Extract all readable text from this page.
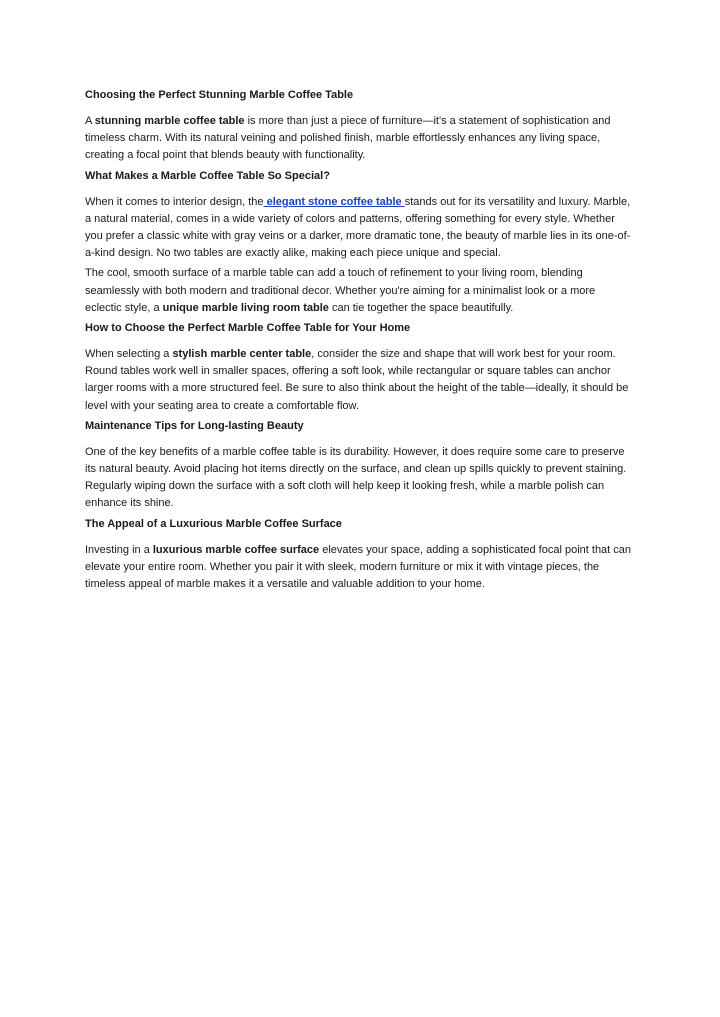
Choosing the Perfect Stunning Marble Coffee Table

A stunning marble coffee table is more than just a piece of furniture—it's a statement of sophistication and timeless charm. With its natural veining and polished finish, marble effortlessly enhances any living space, creating a focal point that blends beauty with functionality.

What Makes a Marble Coffee Table So Special?

When it comes to interior design, the elegant stone coffee table stands out for its versatility and luxury. Marble, a natural material, comes in a wide variety of colors and patterns, offering something for every style. Whether you prefer a classic white with gray veins or a darker, more dramatic tone, the beauty of marble lies in its one-of-a-kind design. No two tables are exactly alike, making each piece unique and special.

The cool, smooth surface of a marble table can add a touch of refinement to your living room, blending seamlessly with both modern and traditional decor. Whether you're aiming for a minimalist look or a more eclectic style, a unique marble living room table can tie together the space beautifully.

How to Choose the Perfect Marble Coffee Table for Your Home

When selecting a stylish marble center table, consider the size and shape that will work best for your room. Round tables work well in smaller spaces, offering a soft look, while rectangular or square tables can anchor larger rooms with a more structured feel. Be sure to also think about the height of the table—ideally, it should be level with your seating area to create a comfortable flow.

Maintenance Tips for Long-lasting Beauty

One of the key benefits of a marble coffee table is its durability. However, it does require some care to preserve its natural beauty. Avoid placing hot items directly on the surface, and clean up spills quickly to prevent staining. Regularly wiping down the surface with a soft cloth will help keep it looking fresh, while a marble polish can enhance its shine.

The Appeal of a Luxurious Marble Coffee Surface

Investing in a luxurious marble coffee surface elevates your space, adding a sophisticated focal point that can elevate your entire room. Whether you pair it with sleek, modern furniture or mix it with vintage pieces, the timeless appeal of marble makes it a versatile and valuable addition to your home.
